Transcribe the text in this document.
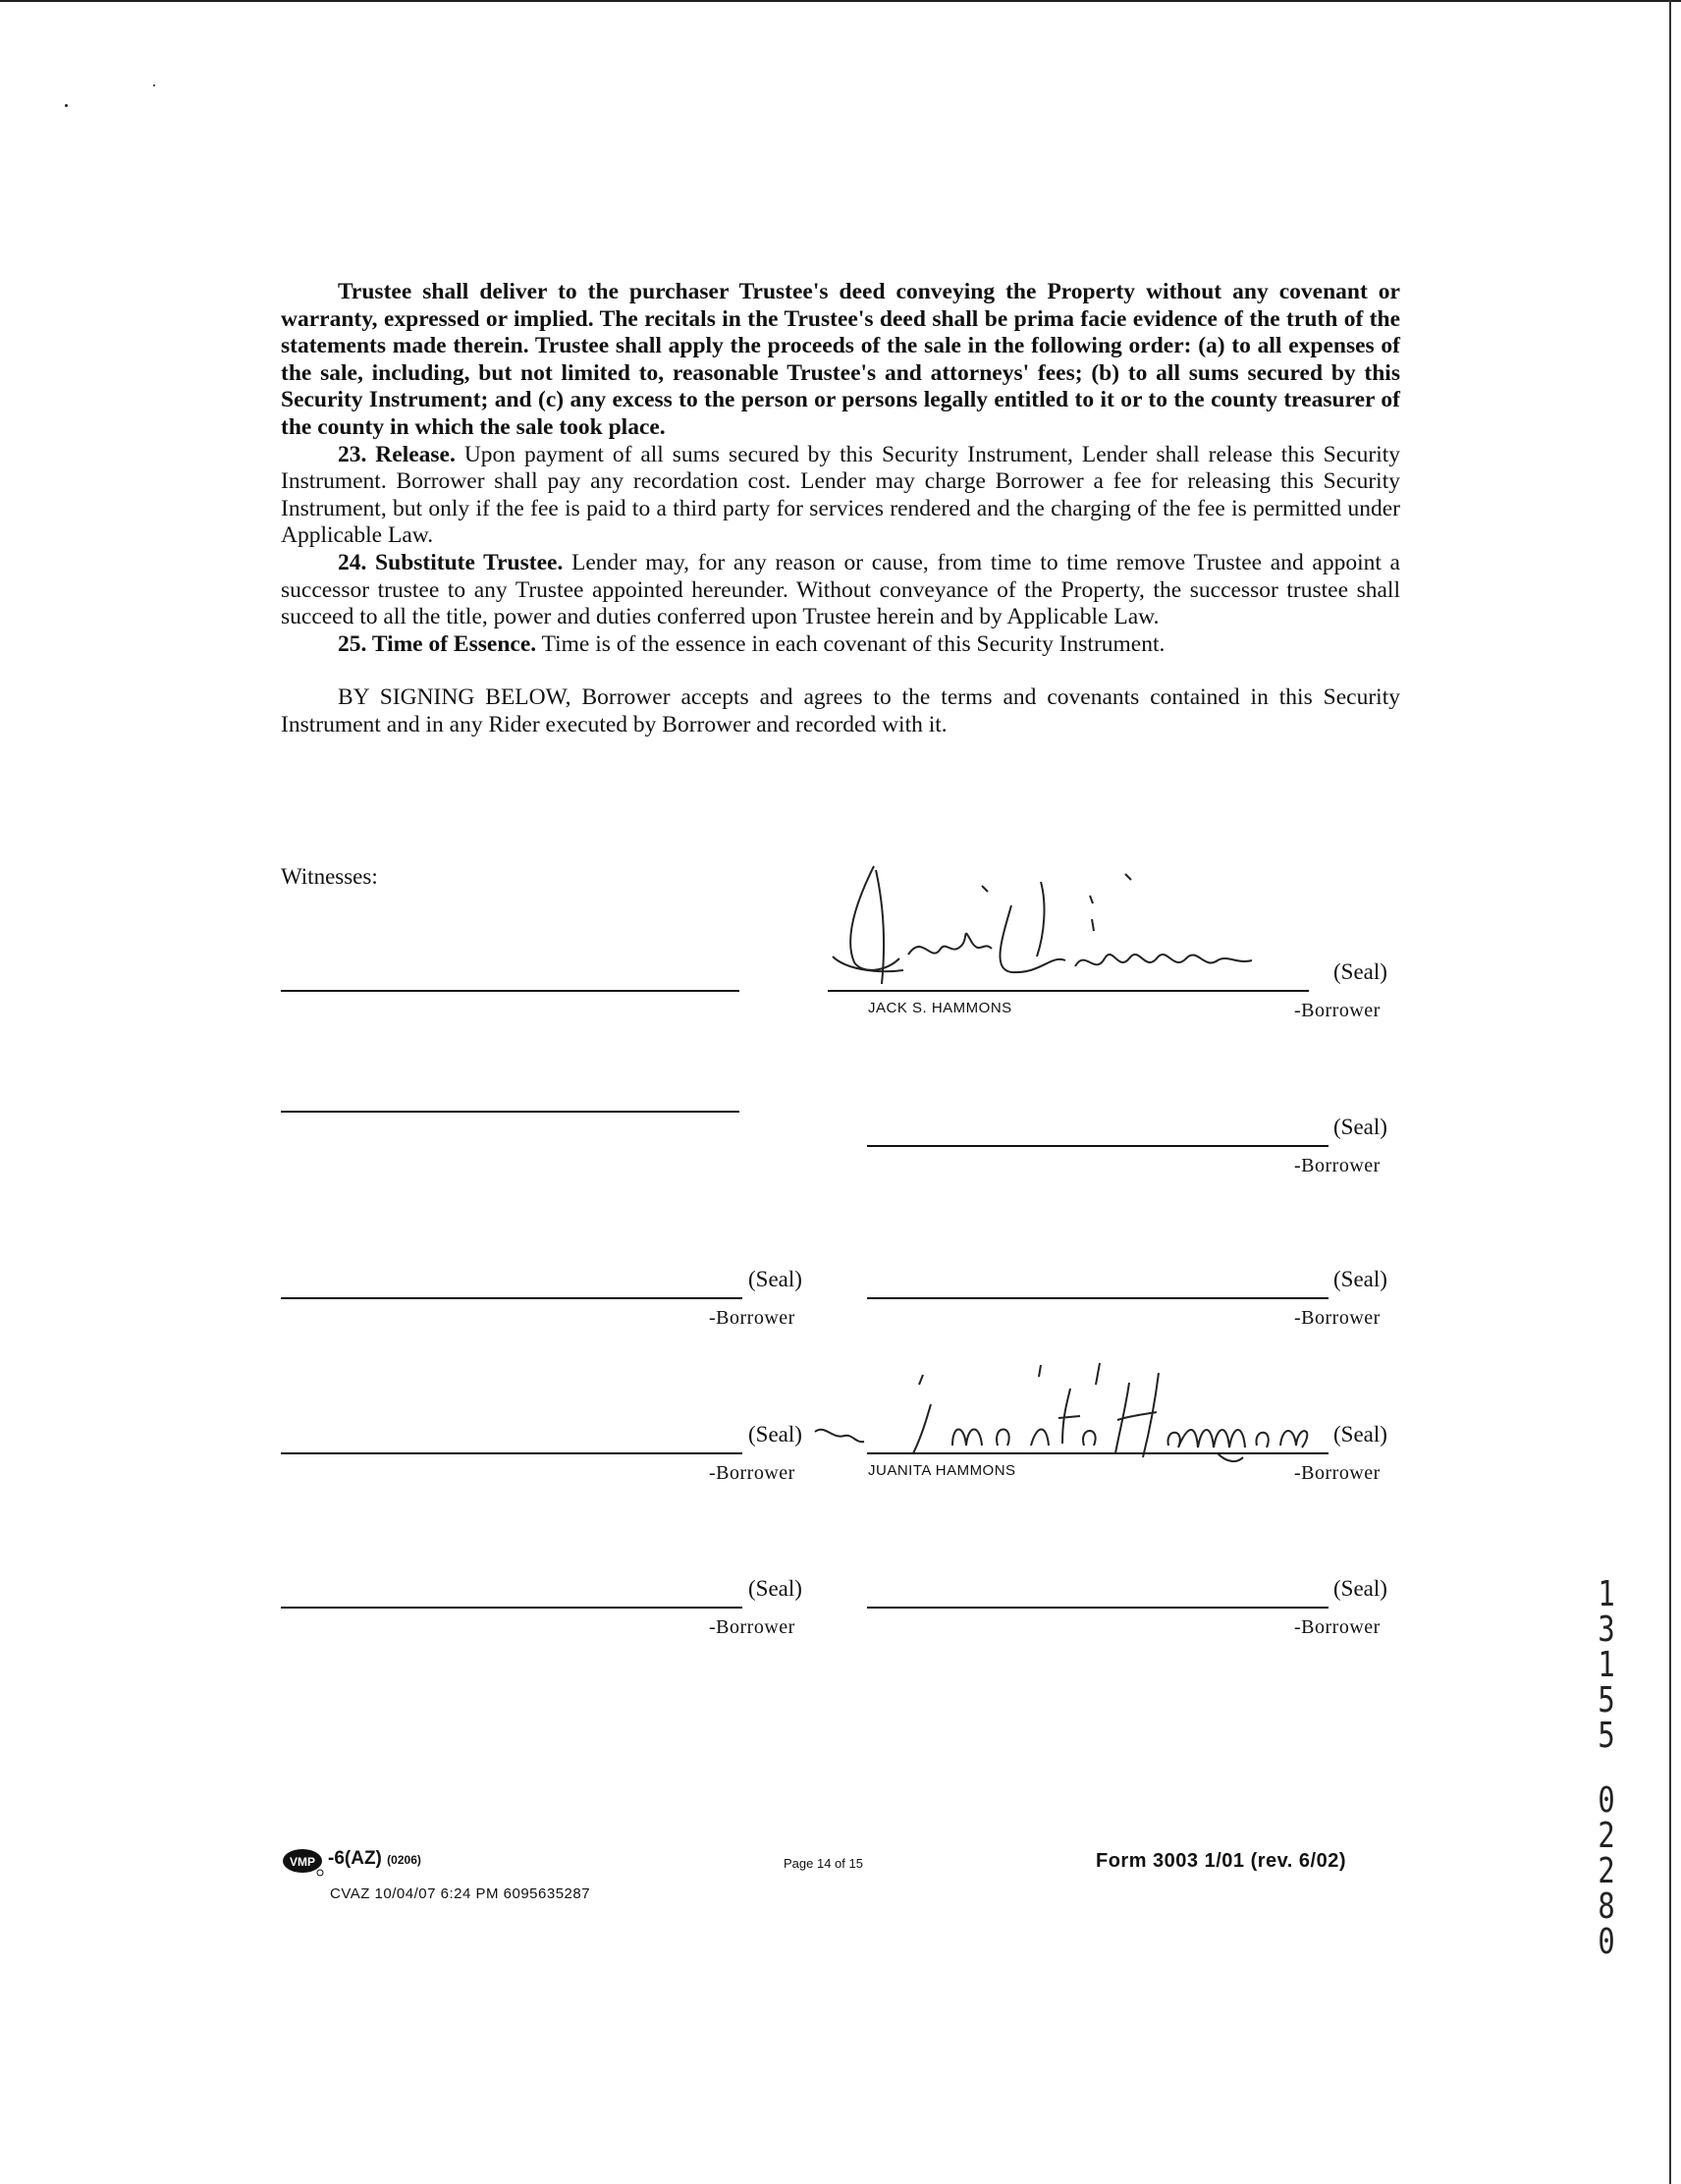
Trustee shall deliver to the purchaser Trustee's deed conveying the Property without any covenant or warranty, expressed or implied. The recitals in the Trustee's deed shall be prima facie evidence of the truth of the statements made therein. Trustee shall apply the proceeds of the sale in the following order: (a) to all expenses of the sale, including, but not limited to, reasonable Trustee's and attorneys' fees; (b) to all sums secured by this Security Instrument; and (c) any excess to the person or persons legally entitled to it or to the county treasurer of the county in which the sale took place.

23. Release. Upon payment of all sums secured by this Security Instrument, Lender shall release this Security Instrument. Borrower shall pay any recordation cost. Lender may charge Borrower a fee for releasing this Security Instrument, but only if the fee is paid to a third party for services rendered and the charging of the fee is permitted under Applicable Law.

24. Substitute Trustee. Lender may, for any reason or cause, from time to time remove Trustee and appoint a successor trustee to any Trustee appointed hereunder. Without conveyance of the Property, the successor trustee shall succeed to all the title, power and duties conferred upon Trustee herein and by Applicable Law.

25. Time of Essence. Time is of the essence in each covenant of this Security Instrument.

BY SIGNING BELOW, Borrower accepts and agrees to the terms and covenants contained in this Security Instrument and in any Rider executed by Borrower and recorded with it.

Witnesses:
(Seal)
JACK S. HAMMONS	-Borrower
(Seal)
-Borrower
(Seal)
-Borrower
(Seal)
-Borrower
(Seal)
-Borrower
(Seal)
JUANITA HAMMONS	-Borrower
(Seal)
-Borrower
(Seal)
-Borrower
VMP -6(AZ) (0206)
CVAZ 10/04/07 6:24 PM 6095635287
Page 14 of 15	Form 3003 1/01 (rev. 6/02)
1
3
1
5
5
0
2
2
8
0
